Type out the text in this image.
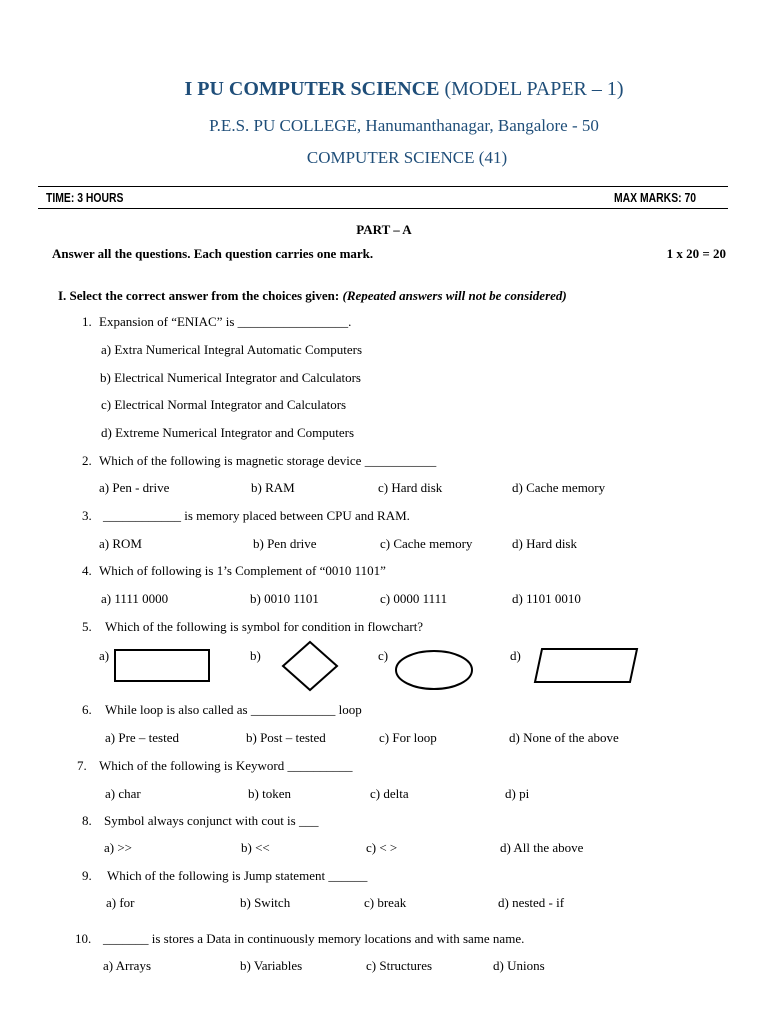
I PU COMPUTER SCIENCE (MODEL PAPER – 1)
P.E.S. PU COLLEGE, Hanumanthanagar, Bangalore - 50
COMPUTER SCIENCE (41)
TIME: 3 HOURS	MAX MARKS: 70
PART – A
Answer all the questions. Each question carries one mark.	1 x 20 = 20
I. Select the correct answer from the choices given: (Repeated answers will not be considered)
1. Expansion of “ENIAC” is _________________.
a) Extra Numerical Integral Automatic Computers
b) Electrical Numerical Integrator and Calculators
c) Electrical Normal Integrator and Calculators
d) Extreme Numerical Integrator and Computers
2. Which of the following is magnetic storage device ___________
a) Pen - drive	b) RAM	c) Hard disk	d) Cache memory
3. ____________ is memory placed between CPU and RAM.
a) ROM	b) Pen drive	c) Cache memory	d) Hard disk
4. Which of following is 1’s Complement of “0010 1101”
a) 1111 0000	b) 0010 1101	c) 0000 1111	d) 1101 0010
5. Which of the following is symbol for condition in flowchart?
a)	b)	c)	d)
6. While loop is also called as _____________ loop
a) Pre – tested	b) Post – tested	c) For loop	d) None of the above
7. Which of the following is Keyword __________
a) char	b) token	c) delta	d) pi
8. Symbol always conjunct with cout is ___
a) >>	b) <<	c) < >	d) All the above
9. Which of the following is Jump statement ______
a) for	b) Switch	c) break	d) nested - if
10. _______ is stores a Data in continuously memory locations and with same name.
a) Arrays	b) Variables	c) Structures	d) Unions
